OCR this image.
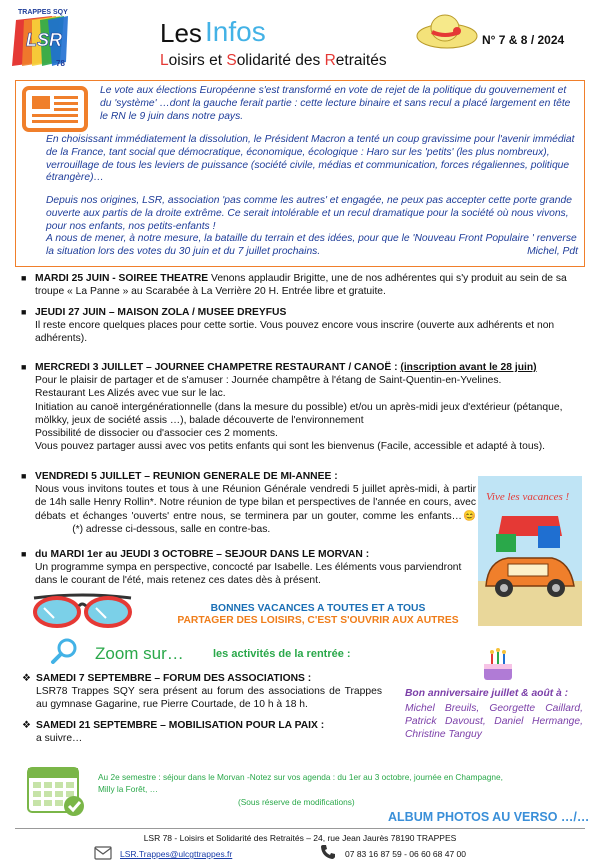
TRAPPES SQY
LSR
78
Les Infos
Loisirs et Solidarité des Retraités
N° 7 & 8 / 2024
Le vote aux élections Européenne s'est transformé en vote de rejet de la politique du gouvernement et du 'système' …dont la gauche ferait partie : cette lecture binaire et sans recul a placé largement en tête le RN le 9 juin dans notre pays.
En choisissant immédiatement la dissolution, le Président Macron a tenté un coup gravissime pour l'avenir immédiat de la France, tant social que démocratique, économique, écologique : Haro sur les 'petits' (les plus nombreux), verrouillage de tous les leviers de puissance (société civile, médias et communication, forces régaliennes, politique étrangère)…
Depuis nos origines, LSR, association 'pas comme les autres' et engagée, ne peux pas accepter cette porte grande ouverte aux partis de la droite extrême. Ce serait intolérable et un recul dramatique pour la société où nous vivons, pour nos enfants, nos petits-enfants !
A nous de mener, à notre mesure, la bataille du terrain et des idées, pour que le 'Nouveau Front Populaire ' renverse la situation lors des votes du 30 juin et du 7 juillet prochains.	Michel, Pdt
■ MARDI 25 JUIN - SOIREE THEATRE Venons applaudir Brigitte, une de nos adhérentes qui s'y produit au sein de sa troupe « La Panne » au Scarabée à La Verrière 20 H. Entrée libre et gratuite.
■ JEUDI 27 JUIN – MAISON ZOLA / MUSEE DREYFUS
Il reste encore quelques places pour cette sortie. Vous pouvez encore vous inscrire (ouverte aux adhérents et non adhérents).
■ MERCREDI 3 JUILLET – JOURNEE CHAMPETRE RESTAURANT / CANOË : (inscription avant le 28 juin)
Pour le plaisir de partager et de s'amuser : Journée champêtre à l'étang de Saint-Quentin-en-Yvelines.
Restaurant Les Alizés avec vue sur le lac.
Initiation au canoë intergénérationnelle (dans la mesure du possible) et/ou un après-midi jeux d'extérieur (pétanque, mölkky, jeux de société assis …), balade découverte de l'environnement
Possibilité de dissocier ou d'associer ces 2 moments.
Vous pouvez partager aussi avec vos petits enfants qui sont les bienvenus (Facile, accessible et adapté à tous).
■ VENDREDI 5 JUILLET – REUNION GENERALE DE MI-ANNEE :
Nous vous invitons toutes et tous à une Réunion Générale vendredi 5 juillet après-midi, à partir de 14h salle Henry Rollin*. Notre réunion de type bilan et perspectives de l'année en cours, avec débats et échanges 'ouverts' entre nous, se terminera par un gouter, comme les enfants…😊              (*) adresse ci-dessous, salle en contre-bas.
■ du MARDI 1er au JEUDI 3 OCTOBRE – SEJOUR DANS LE MORVAN :
Un programme sympa en perspective, concocté par Isabelle. Les éléments vous parviendront dans le courant de l'été, mais retenez ces dates dès à présent.
Vive les vacances !
BONNES VACANCES A TOUTES ET A TOUS
PARTAGER DES LOISIRS, C'EST S'OUVRIR AUX AUTRES
Zoom sur…	les activités de la rentrée :
❖ SAMEDI 7 SEPTEMBRE – FORUM DES ASSOCIATIONS :
LSR78 Trappes SQY sera présent au forum des associations de Trappes au gymnase Gagarine, rue Pierre Courtade, de 10 h à 18 h.
❖ SAMEDI 21 SEPTEMBRE – MOBILISATION POUR LA PAIX :
a suivre…
Bon anniversaire juillet & août à :
Michel Breuils, Georgette Caillard, Patrick Davoust, Daniel Hermange, Christine Tanguy
Au 2e semestre : séjour dans le Morvan -Notez sur vos agenda : du 1er au 3 octobre, journée en Champagne, Milly la Forêt, …
(Sous réserve de modifications)
ALBUM PHOTOS AU VERSO …/…
LSR 78 - Loisirs et Solidarité des Retraités – 24, rue Jean Jaurès 78190 TRAPPES
LSR.Trappes@ulcgttrappes.fr	07 83 16 87 59 - 06 60 68 47 00
